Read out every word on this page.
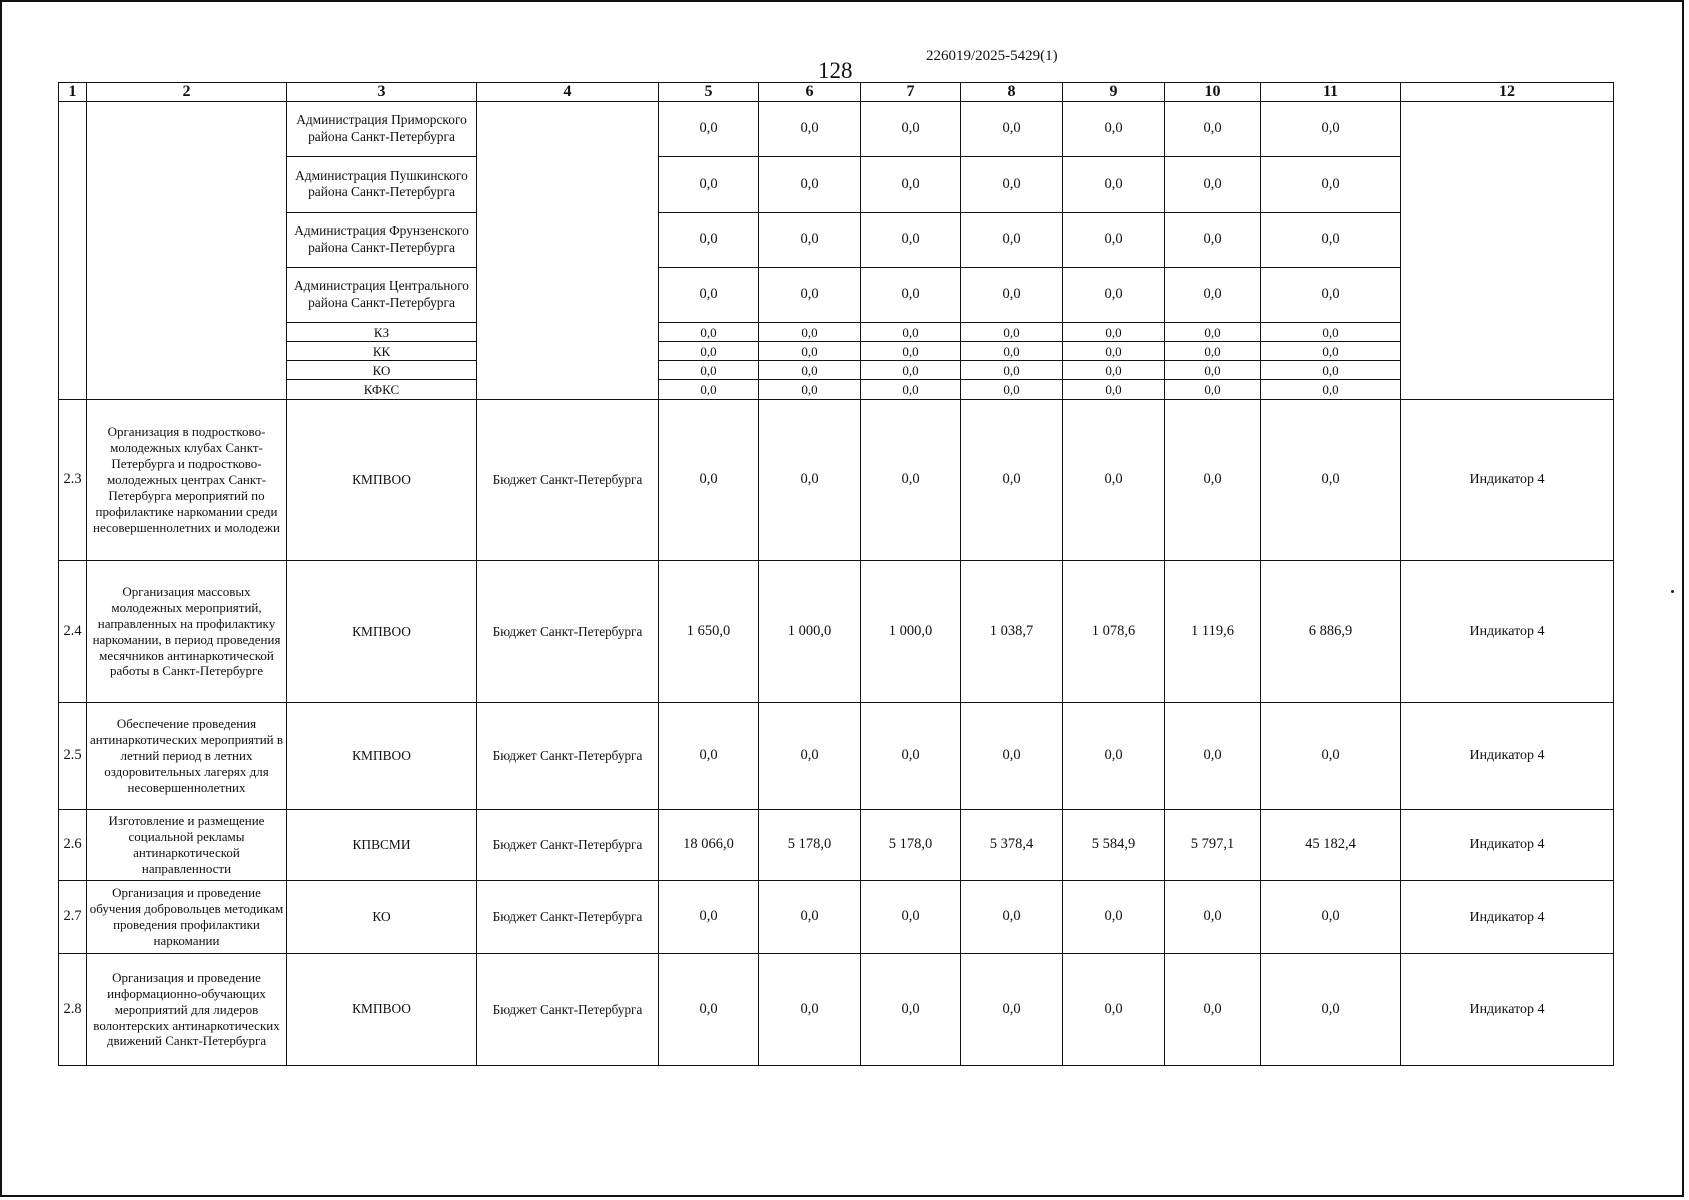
226019/2025-5429(1)
128
1	2	3	4	5	6	7	8	9	10	11	12
		Администрация Приморского района Санкт-Петербурга		0,0	0,0	0,0	0,0	0,0	0,0	0,0	
		Администрация Пушкинского района Санкт-Петербурга		0,0	0,0	0,0	0,0	0,0	0,0	0,0	
		Администрация Фрунзенского района Санкт-Петербурга		0,0	0,0	0,0	0,0	0,0	0,0	0,0	
		Администрация Центрального района Санкт-Петербурга		0,0	0,0	0,0	0,0	0,0	0,0	0,0	
		КЗ		0,0	0,0	0,0	0,0	0,0	0,0	0,0	
		КК		0,0	0,0	0,0	0,0	0,0	0,0	0,0	
		КО		0,0	0,0	0,0	0,0	0,0	0,0	0,0	
		КФКС		0,0	0,0	0,0	0,0	0,0	0,0	0,0	
2.3	Организация в подростково-молодежных клубах Санкт-Петербурга и подростково-молодежных центрах Санкт-Петербурга мероприятий по профилактике наркомании среди несовершеннолетних и молодежи	КМПВОО	Бюджет Санкт-Петербурга	0,0	0,0	0,0	0,0	0,0	0,0	0,0	Индикатор 4
2.4	Организация массовых молодежных мероприятий, направленных на профилактику наркомании, в период проведения месячников антинаркотической работы в Санкт-Петербурге	КМПВОО	Бюджет Санкт-Петербурга	1 650,0	1 000,0	1 000,0	1 038,7	1 078,6	1 119,6	6 886,9	Индикатор 4
2.5	Обеспечение проведения антинаркотических мероприятий в летний период в летних оздоровительных лагерях для несовершеннолетних	КМПВОО	Бюджет Санкт-Петербурга	0,0	0,0	0,0	0,0	0,0	0,0	0,0	Индикатор 4
2.6	Изготовление и размещение социальной рекламы антинаркотической направленности	КПВСМИ	Бюджет Санкт-Петербурга	18 066,0	5 178,0	5 178,0	5 378,4	5 584,9	5 797,1	45 182,4	Индикатор 4
2.7	Организация и проведение обучения добровольцев методикам проведения профилактики наркомании	КО	Бюджет Санкт-Петербурга	0,0	0,0	0,0	0,0	0,0	0,0	0,0	Индикатор 4
2.8	Организация и проведение информационно-обучающих мероприятий для лидеров волонтерских антинаркотических движений Санкт-Петербурга	КМПВОО	Бюджет Санкт-Петербурга	0,0	0,0	0,0	0,0	0,0	0,0	0,0	Индикатор 4
